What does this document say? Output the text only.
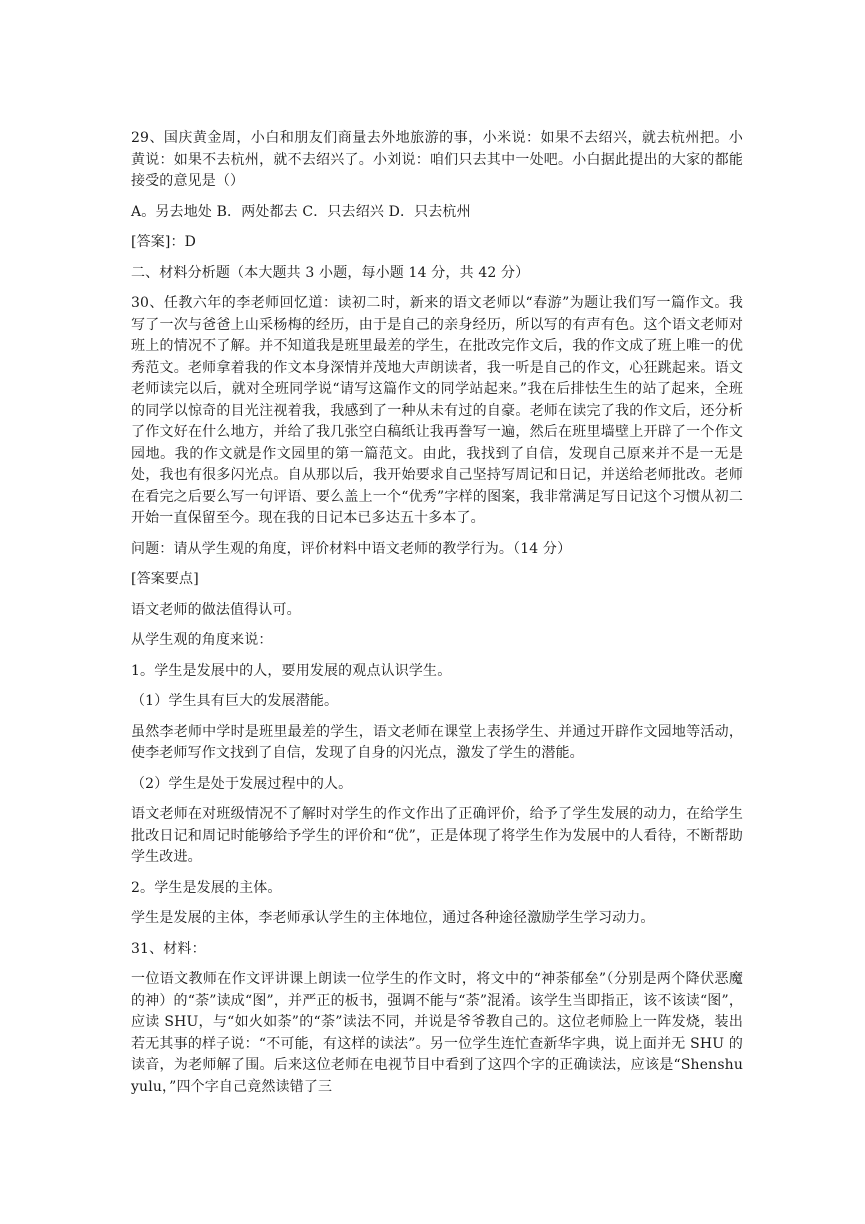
29、国庆黄金周，小白和朋友们商量去外地旅游的事，小米说：如果不去绍兴，就去杭州把。小黄说：如果不去杭州，就不去绍兴了。小刘说：咱们只去其中一处吧。小白据此提出的大家的都能接受的意见是（）

A。另去地处 B．两处都去 C．只去绍兴 D．只去杭州

[答案]：D

二、材料分析题（本大题共 3 小题，每小题 14 分，共 42 分）

30、任教六年的李老师回忆道：读初二时，新来的语文老师以“春游”为题让我们写一篇作文。我写了一次与爸爸上山采杨梅的经历，由于是自己的亲身经历，所以写的有声有色。这个语文老师对班上的情况不了解。并不知道我是班里最差的学生，在批改完作文后，我的作文成了班上唯一的优秀范文。老师拿着我的作文本身深情并茂地大声朗读者，我一听是自己的作文，心狂跳起来。语文老师读完以后，就对全班同学说“请写这篇作文的同学站起来。”我在后排怯生生的站了起来，全班的同学以惊奇的目光注视着我，我感到了一种从未有过的自豪。老师在读完了我的作文后，还分析了作文好在什么地方，并给了我几张空白稿纸让我再誊写一遍，然后在班里墙壁上开辟了一个作文园地。我的作文就是作文园里的第一篇范文。由此，我找到了自信，发现自己原来并不是一无是处，我也有很多闪光点。自从那以后，我开始要求自己坚持写周记和日记，并送给老师批改。老师在看完之后要么写一句评语、要么盖上一个“优秀”字样的图案，我非常满足写日记这个习惯从初二开始一直保留至今。现在我的日记本已多达五十多本了。

问题：请从学生观的角度，评价材料中语文老师的教学行为。（14 分）

[答案要点]

语文老师的做法值得认可。

从学生观的角度来说：

1。学生是发展中的人，要用发展的观点认识学生。

（1）学生具有巨大的发展潜能。

虽然李老师中学时是班里最差的学生，语文老师在课堂上表扬学生、并通过开辟作文园地等活动，使李老师写作文找到了自信，发现了自身的闪光点，激发了学生的潜能。

（2）学生是处于发展过程中的人。

语文老师在对班级情况不了解时对学生的作文作出了正确评价，给予了学生发展的动力，在给学生批改日记和周记时能够给予学生的评价和“优”，正是体现了将学生作为发展中的人看待，不断帮助学生改进。

2。学生是发展的主体。

学生是发展的主体，李老师承认学生的主体地位，通过各种途径激励学生学习动力。

31、材料：

一位语文教师在作文评讲课上朗读一位学生的作文时，将文中的“神荼郁垒”（分别是两个降伏恶魔的神）的“荼”读成“图”，并严正的板书，强调不能与“荼”混淆。该学生当即指正，该不该读“图”，应读 SHU，与“如火如荼”的“荼”读法不同，并说是爷爷教自己的。这位老师脸上一阵发烧，装出若无其事的样子说：“不可能，有这样的读法”。另一位学生连忙查新华字典，说上面并无 SHU 的读音，为老师解了围。后来这位老师在电视节目中看到了这四个字的正确读法，应该是“Shenshuyulu，”四个字自己竟然读错了三
